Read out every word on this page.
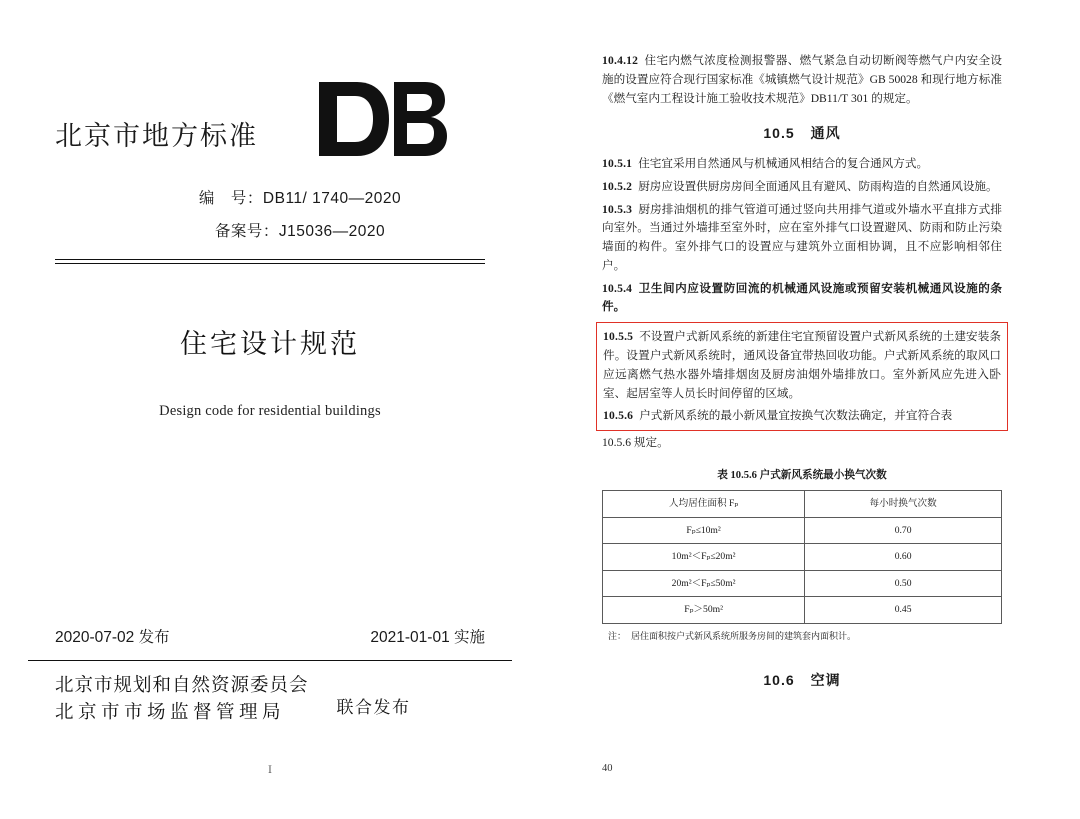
北京市地方标准
编　号：DB11/ 1740—2020
备案号：J15036—2020
住宅设计规范
Design code for residential buildings
2020-07-02 发布	2021-01-01 实施
北京市规划和自然资源委员会
北京市市场监督管理局	联合发布
Ⅰ

10.4.12 住宅内燃气浓度检测报警器、燃气紧急自动切断阀等燃气户内安全设施的设置应符合现行国家标准《城镇燃气设计规范》GB 50028 和现行地方标准《燃气室内工程设计施工验收技术规范》DB11/T 301 的规定。

10.5 通风

10.5.1 住宅宜采用自然通风与机械通风相结合的复合通风方式。

10.5.2 厨房应设置供厨房房间全面通风且有避风、防雨构造的自然通风设施。

10.5.3 厨房排油烟机的排气管道可通过竖向共用排气道或外墙水平直排方式排向室外。当通过外墙排至室外时，应在室外排气口设置避风、防雨和防止污染墙面的构件。室外排气口的设置应与建筑外立面相协调，且不应影响相邻住户。

10.5.4 卫生间内应设置防回流的机械通风设施或预留安装机械通风设施的条件。

10.5.5 不设置户式新风系统的新建住宅宜预留设置户式新风系统的土建安装条件。设置户式新风系统时，通风设备宜带热回收功能。户式新风系统的取风口应远离燃气热水器外墙排烟囱及厨房油烟外墙排放口。室外新风应先进入卧室、起居室等人员长时间停留的区域。

10.5.6 户式新风系统的最小新风量宜按换气次数法确定，并宜符合表

10.5.6 规定。

表 10.5.6 户式新风系统最小换气次数
人均居住面积 Fₚ	每小时换气次数
Fₚ≤10m²	0.70
10m²＜Fₚ≤20m²	0.60
20m²＜Fₚ≤50m²	0.50
Fₚ＞50m²	0.45
注： 居住面积按户式新风系统所服务房间的建筑套内面积计。
10.6 空调
40
